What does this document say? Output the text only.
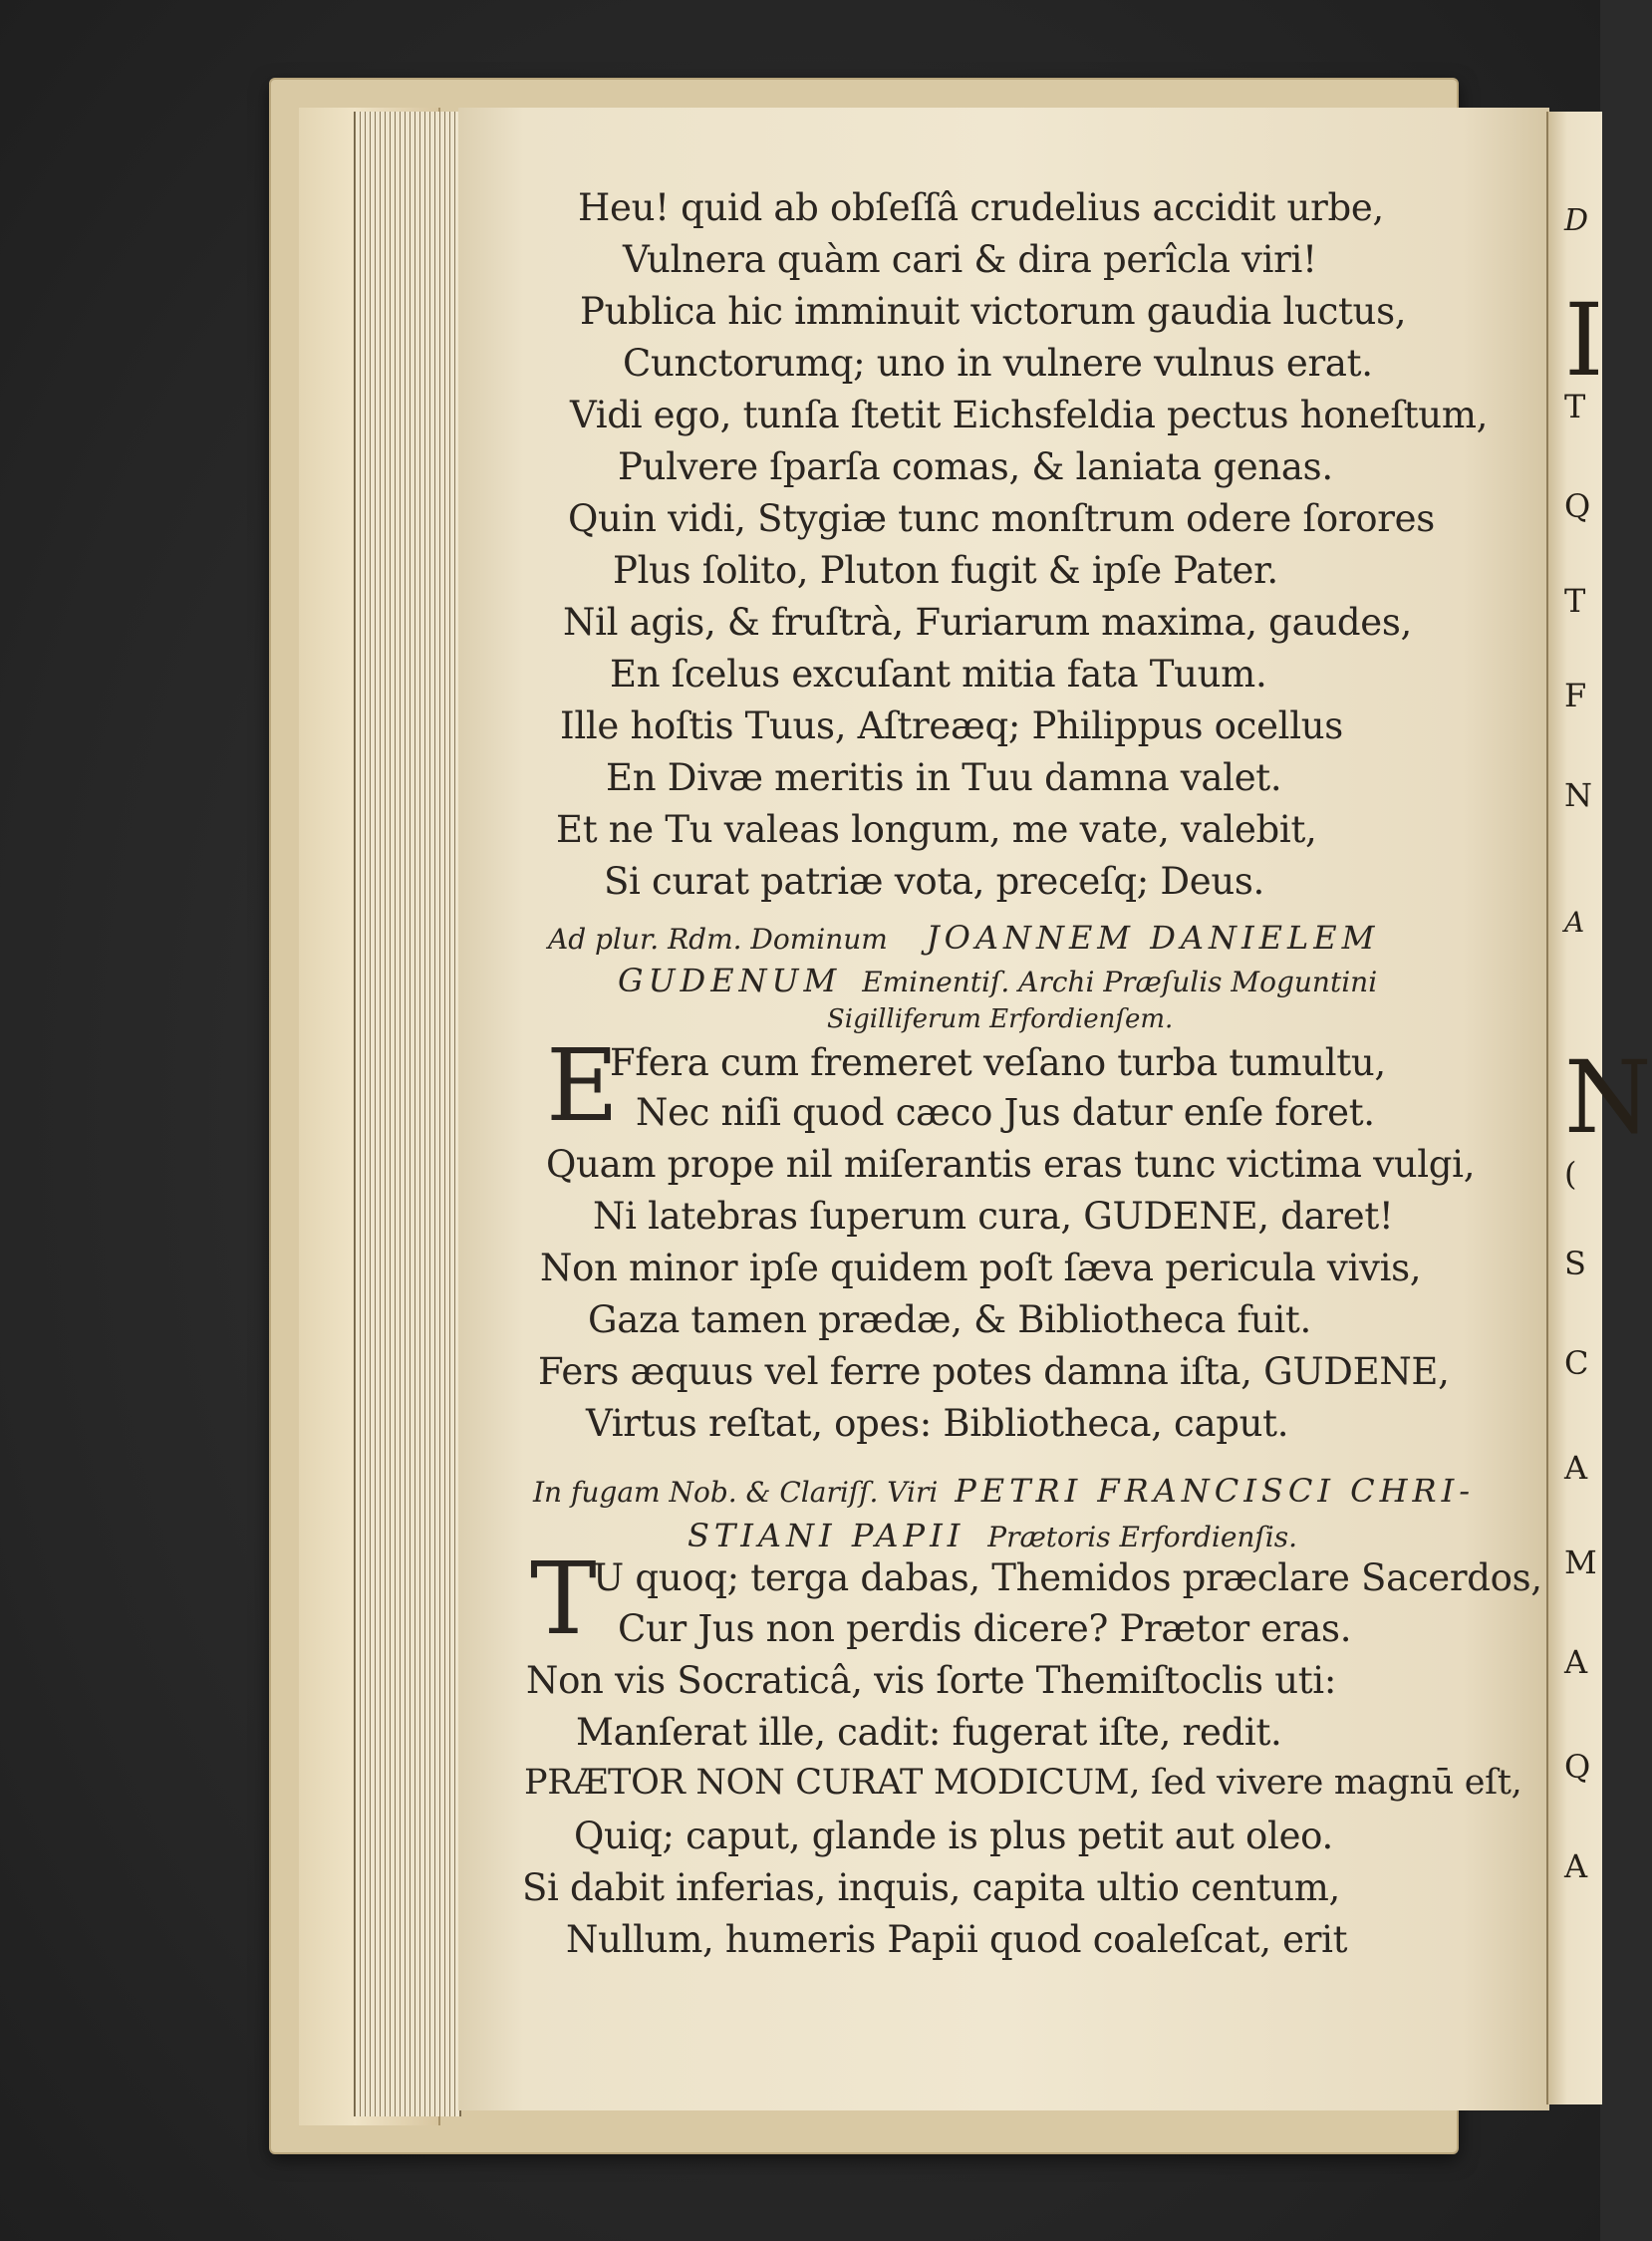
D
I
T
Q
T
F
N
A
N
(
S
C
A
M
A
Q
A
Heu! quid ab obſeſſâ crudelius accidit urbe,
Vulnera quàm cari & dira perîcla viri!
Publica hic imminuit victorum gaudia luctus,
Cunctorumq; uno in vulnere vulnus erat.
Vidi ego, tunſa ſtetit Eichsfeldia pectus honeſtum,
Pulvere ſparſa comas, & laniata genas.
Quin vidi, Stygiæ tunc monſtrum odere ſorores
Plus ſolito, Pluton fugit & ipſe Pater.
Nil agis, & fruſtrà, Furiarum maxima, gaudes,
En ſcelus excuſant mitia fata Tuum.
Ille hoſtis Tuus, Aſtreæq; Philippus ocellus
En Divæ meritis in Tuu damna valet.
Et ne Tu valeas longum, me vate, valebit,
Si curat patriæ vota, preceſq; Deus.
Ad plur. Rdm. Dominum JOANNEM DANIELEM
GUDENUM Eminentiſ. Archi Præſulis Moguntini
Sigilliferum Erfordienſem.
E
Ffera cum fremeret veſano turba tumultu,
Nec niſi quod cæco Jus datur enſe foret.
Quam prope nil miſerantis eras tunc victima vulgi,
Ni latebras ſuperum cura, GUDENE, daret!
Non minor ipſe quidem poſt ſæva pericula vivis,
Gaza tamen prædæ, & Bibliotheca fuit.
Fers æquus vel ferre potes damna iſta, GUDENE,
Virtus reſtat, opes: Bibliotheca, caput.
In fugam Nob. & Clariſſ. Viri PETRI FRANCISCI CHRI-
STIANI PAPII Prætoris Erfordienſis.
T
U quoq; terga dabas, Themidos præclare Sacerdos,
Cur Jus non perdis dicere? Prætor eras.
Non vis Socraticâ, vis ſorte Themiſtoclis uti:
Manſerat ille, cadit: fugerat iſte, redit.
PRÆTOR NON CURAT MODICUM, ſed vivere magnū eſt,
Quiq; caput, glande is plus petit aut oleo.
Si dabit inferias, inquis, capita ultio centum,
Nullum, humeris Papii quod coaleſcat, erit
